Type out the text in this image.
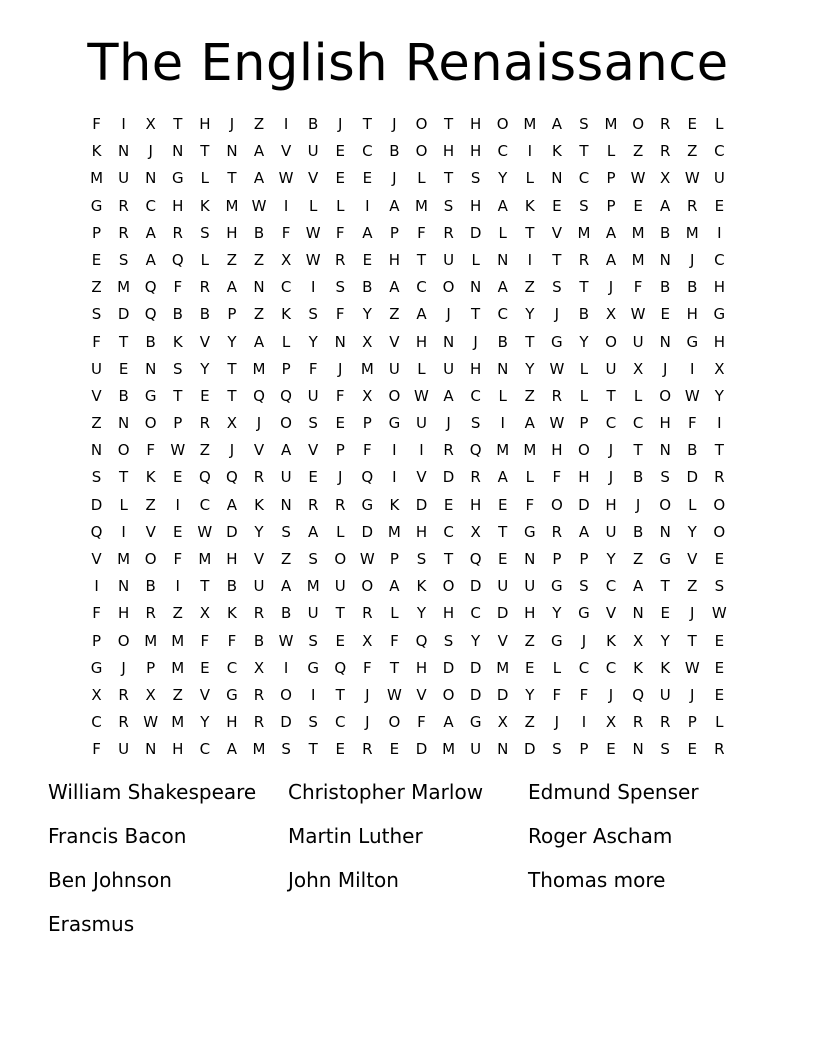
The English Renaissance
F	I	X	T	H	J	Z	I	B	J	T	J	O	T	H	O M	A	S	M O	R	E	L
K	N	J	N	T	N	A	V	U	E	C	B	O	H	H	C	I	K	T	L	Z	R	Z	C
M	U	N	G	L	T	A W V	E	E	J	L	T	S	Y	L	N	C	P	W X W U
G	R	C	H	K	M W	I	L	L	I	A	M	S	H	A	K	E	S	P	E	A	R	E
P	R	A	R	S	H	B	F	W	F	A	P	F	R	D	L	T	V	M	A	M	B	M	I
E	S	A	Q	L	Z	Z	X W R	E	H	T	U	L	N	I	T	R	A	M N	J	C
Z	M Q	F	R	A	N	C	I	S	B	A	C	O	N	A	Z	S	T	J	F	B	B	H
S	D	Q	B	B	P	Z	K	S	F	Y	Z	A	J	T	C	Y	J	B	X W E	H	G
F	T	B	K	V	Y	A	L	Y	N	X	V	H	N	J	B	T	G	Y	O	U	N	G	H
U	E	N	S	Y	T	M	P	F	J	M	U	L	U	H	N	Y	W	L	U	X	J	I	X
V	B	G	T	E	T	Q	Q	U	F	X	O W A	C	L	Z	R	L	T	L	O W	Y
Z	N	O	P	R	X	J	O	S	E	P	G	U	J	S	I	A W	P	C	C	H	F	I
N	O	F	W Z	J	V	A	V	P	F	I	I	R	Q M M H	O	J	T	N	B	T
S	T	K	E	Q	Q	R	U	E	J	Q	I	V	D	R	A	L	F	H	J	B	S	D	R
D	L	Z	I	C	A	K	N	R	R	G	K	D	E	H	E	F	O	D	H	J	O	L	O
Q	I	V	E W D	Y	S	A	L	D M H	C	X	T	G	R	A	U	B	N	Y	O
V	M O	F	M H	V	Z	S	O W	P	S	T	Q	E	N	P	P	Y	Z	G	V	E
I	N	B	I	T	B	U	A	M	U	O	A	K	O	D	U	U	G	S	C	A	T	Z	S
F	H	R	Z	X	K	R	B	U	T	R	L	Y	H	C	D	H	Y	G	V	N	E	J	W
P	O M M	F	F	B W S	E	X	F	Q	S	Y	V	Z	G	J	K	X	Y	T	E
G	J	P	M	E	C	X	I	G	Q	F	T	H	D	D M	E	L	C	C	K	K W E
X	R	X	Z	V	G	R	O	I	T	J	W V	O	D	D	Y	F	F	J	Q	U	J	E
C	R W M	Y	H	R	D	S	C	J	O	F	A	G	X	Z	J	I	X	R	R	P	L
F	U	N	H	C	A	M	S	T	E	R	E	D M	U	N	D	S	P	E	N	S	E	R
William Shakespeare	Christopher Marlow	Edmund Spenser
Francis Bacon	Martin Luther	Roger Ascham
Ben Johnson	John Milton	Thomas more
Erasmus
